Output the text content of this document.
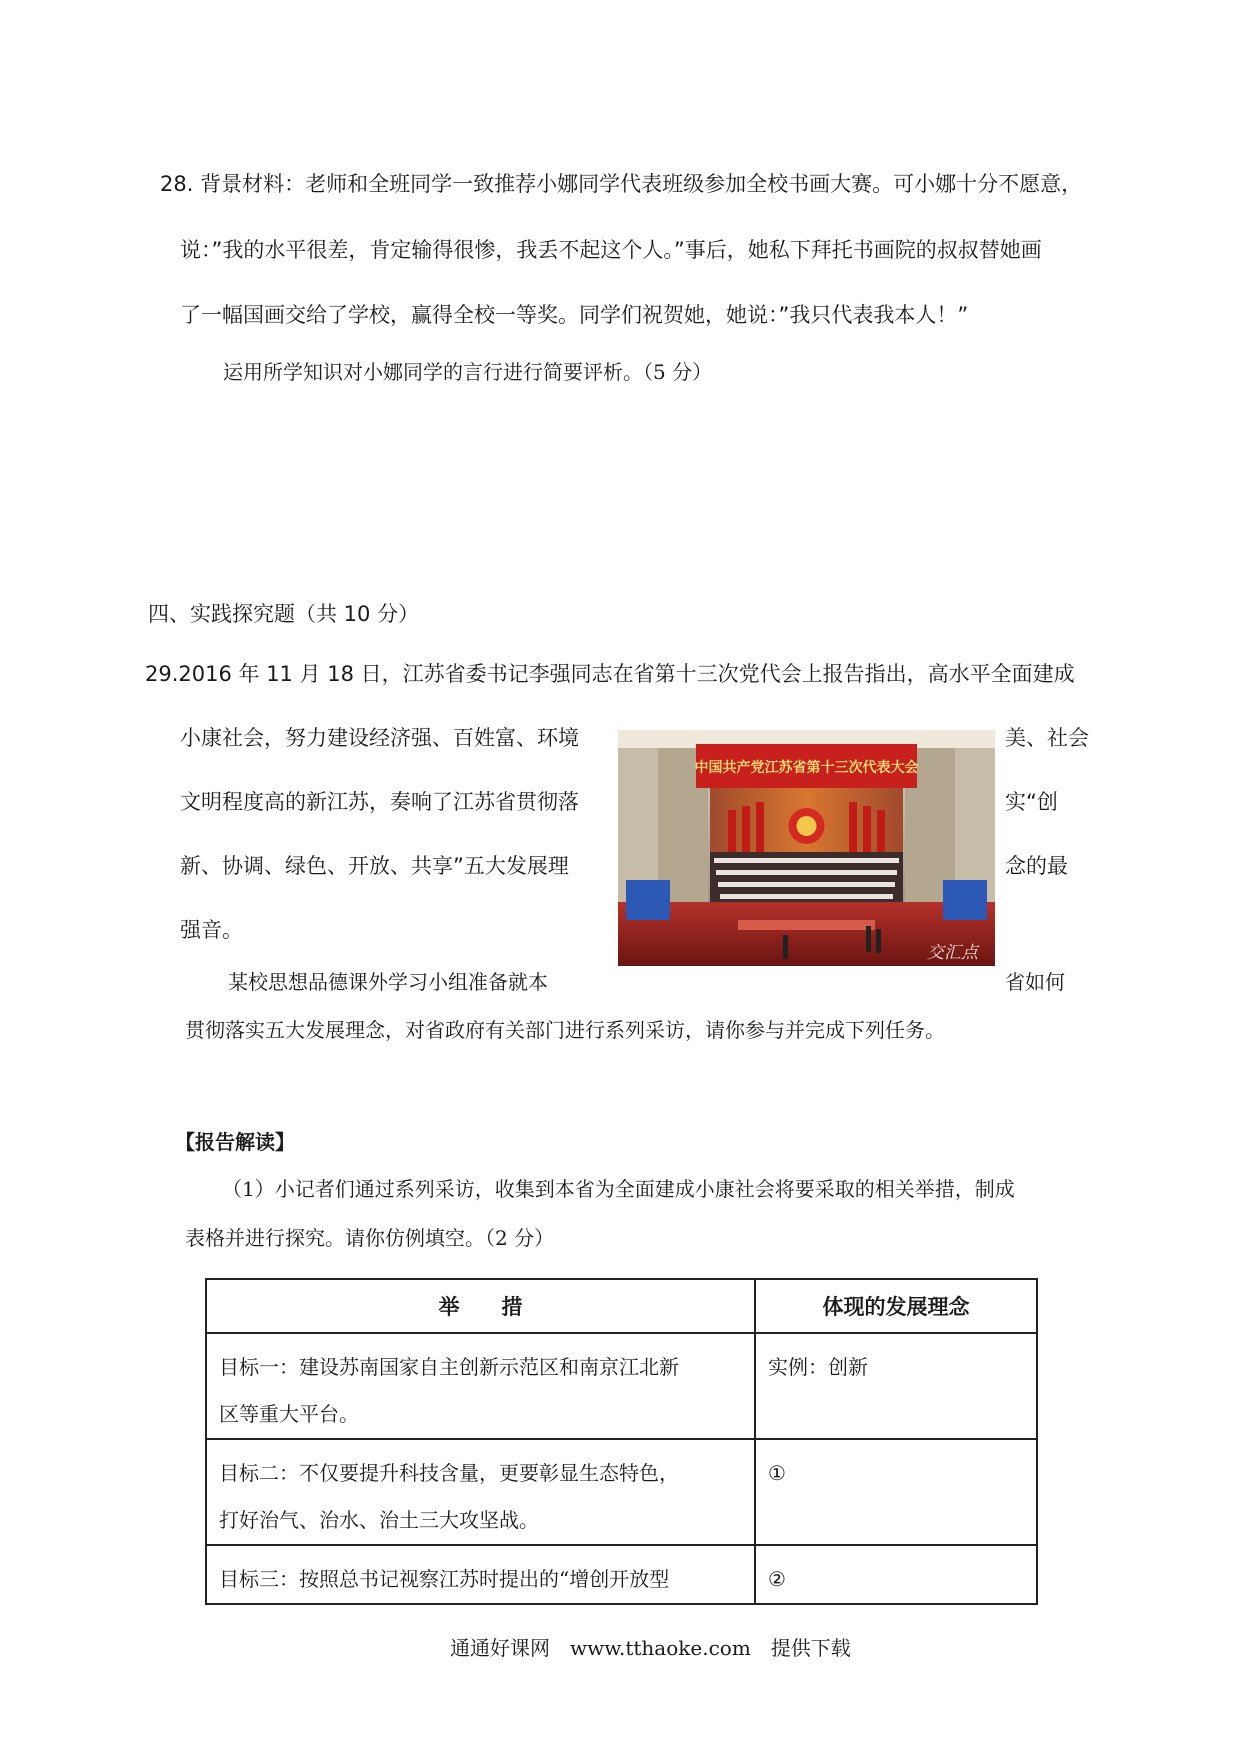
28. 背景材料：老师和全班同学一致推荐小娜同学代表班级参加全校书画大赛。可小娜十分不愿意，
说：”我的水平很差，肯定输得很惨，我丢不起这个人。”事后，她私下拜托书画院的叔叔替她画
了一幅国画交给了学校，赢得全校一等奖。同学们祝贺她，她说：”我只代表我本人！”
运用所学知识对小娜同学的言行进行简要评析。（5 分）
四、实践探究题（共 10 分）
29.2016 年 11 月 18 日，江苏省委书记李强同志在省第十三次党代会上报告指出，高水平全面建成
小康社会，努力建设经济强、百姓富、环境	美、社会
文明程度高的新江苏，奏响了江苏省贯彻落	实“创
新、协调、绿色、开放、共享”五大发展理	念的最
强音。
某校思想品德课外学习小组准备就本	省如何
贯彻落实五大发展理念，对省政府有关部门进行系列采访，请你参与并完成下列任务。
中国共产党江苏省第十三次代表大会
交汇点
【报告解读】
（1）小记者们通过系列采访，收集到本省为全面建成小康社会将要采取的相关举措，制成
表格并进行探究。请你仿例填空。（2 分）
举　　措	体现的发展理念

目标一：建设苏南国家自主创新示范区和南京江北新
区等重大平台。	实例：创新

目标二：不仅要提升科技含量，更要彰显生态特色，
打好治气、治水、治土三大攻坚战。	①

目标三：按照总书记视察江苏时提出的“增创开放型	②
通通好课网　www.tthaoke.com　提供下载
